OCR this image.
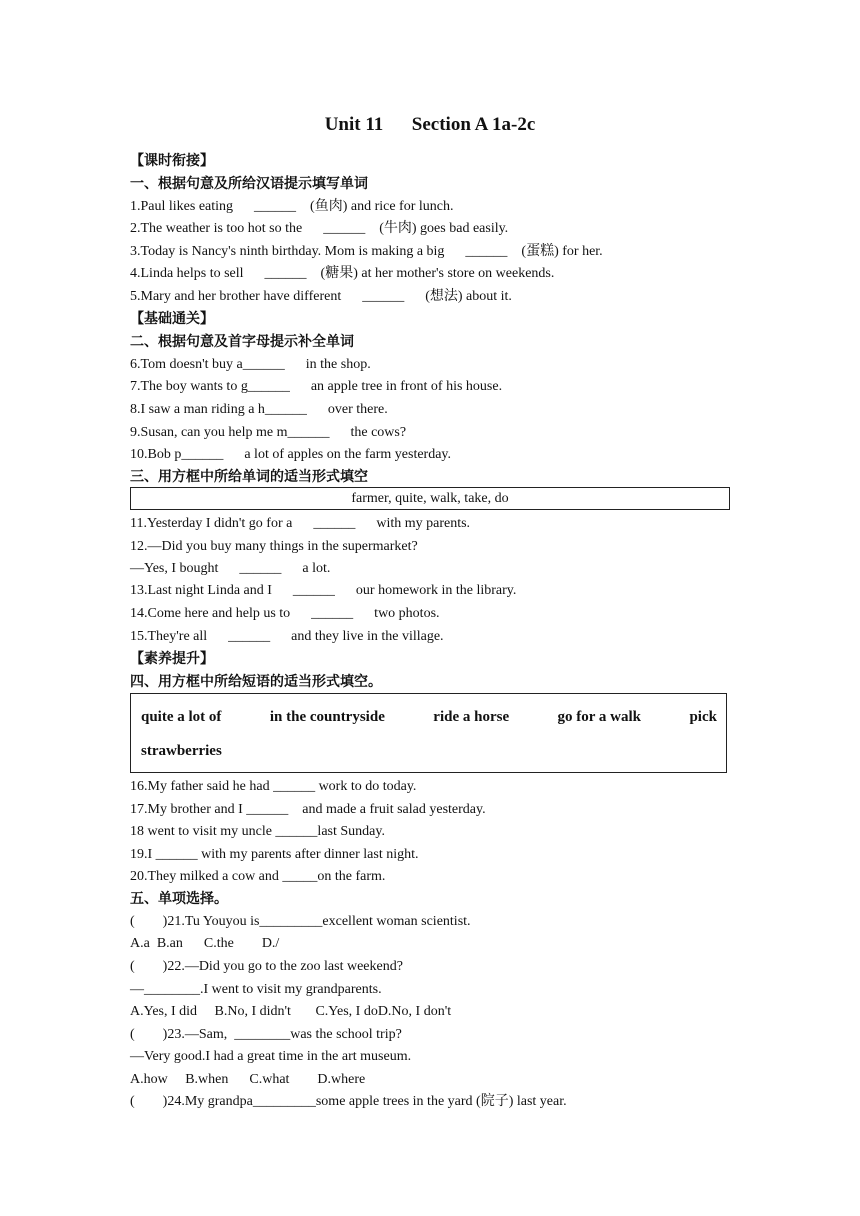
Unit 11      Section A 1a-2c
【课时衔接】
一、根据句意及所给汉语提示填写单词
1.Paul likes eating      ______    (鱼肉) and rice for lunch.
2.The weather is too hot so the      ______    (牛肉) goes bad easily.
3.Today is Nancy's ninth birthday. Mom is making a big      ______    (蛋糕) for her.
4.Linda helps to sell      ______    (糖果) at her mother's store on weekends.
5.Mary and her brother have different      ______      (想法) about it.
【基础通关】
二、根据句意及首字母提示补全单词
6.Tom doesn't buy a______      in the shop.
7.The boy wants to g______      an apple tree in front of his house.
8.I saw a man riding a h______      over there.
9.Susan, can you help me m______      the cows?
10.Bob p______      a lot of apples on the farm yesterday.
三、用方框中所给单词的适当形式填空
11.Yesterday I didn't go for a      ______      with my parents.
12.—Did you buy many things in the supermarket?
—Yes, I bought      ______      a lot.
13.Last night Linda and I      ______      our homework in the library.
14.Come here and help us to      ______      two photos.
15.They're all      ______      and they live in the village.
【素养提升】
四、用方框中所给短语的适当形式填空。
16.My father said he had ______ work to do today.
17.My brother and I ______    and made a fruit salad yesterday.
18 went to visit my uncle ______last Sunday.
19.I ______ with my parents after dinner last night.
20.They milked a cow and _____on the farm.
五、单项选择。
(        )21.Tu Youyou is_________excellent woman scientist.
A.a  B.an      C.the        D./
(        )22.—Did you go to the zoo last weekend?
—________.I went to visit my grandparents.
A.Yes, I did     B.No, I didn't       C.Yes, I doD.No, I don't
(        )23.—Sam,  ________was the school trip?
—Very good.I had a great time in the art museum.
A.how     B.when      C.what        D.where
(        )24.My grandpa_________some apple trees in the yard (院子) last year.
farmer, quite, walk, take, do
quite a lot of	in the countryside	ride a horse	go for a walk	pick
strawberries
